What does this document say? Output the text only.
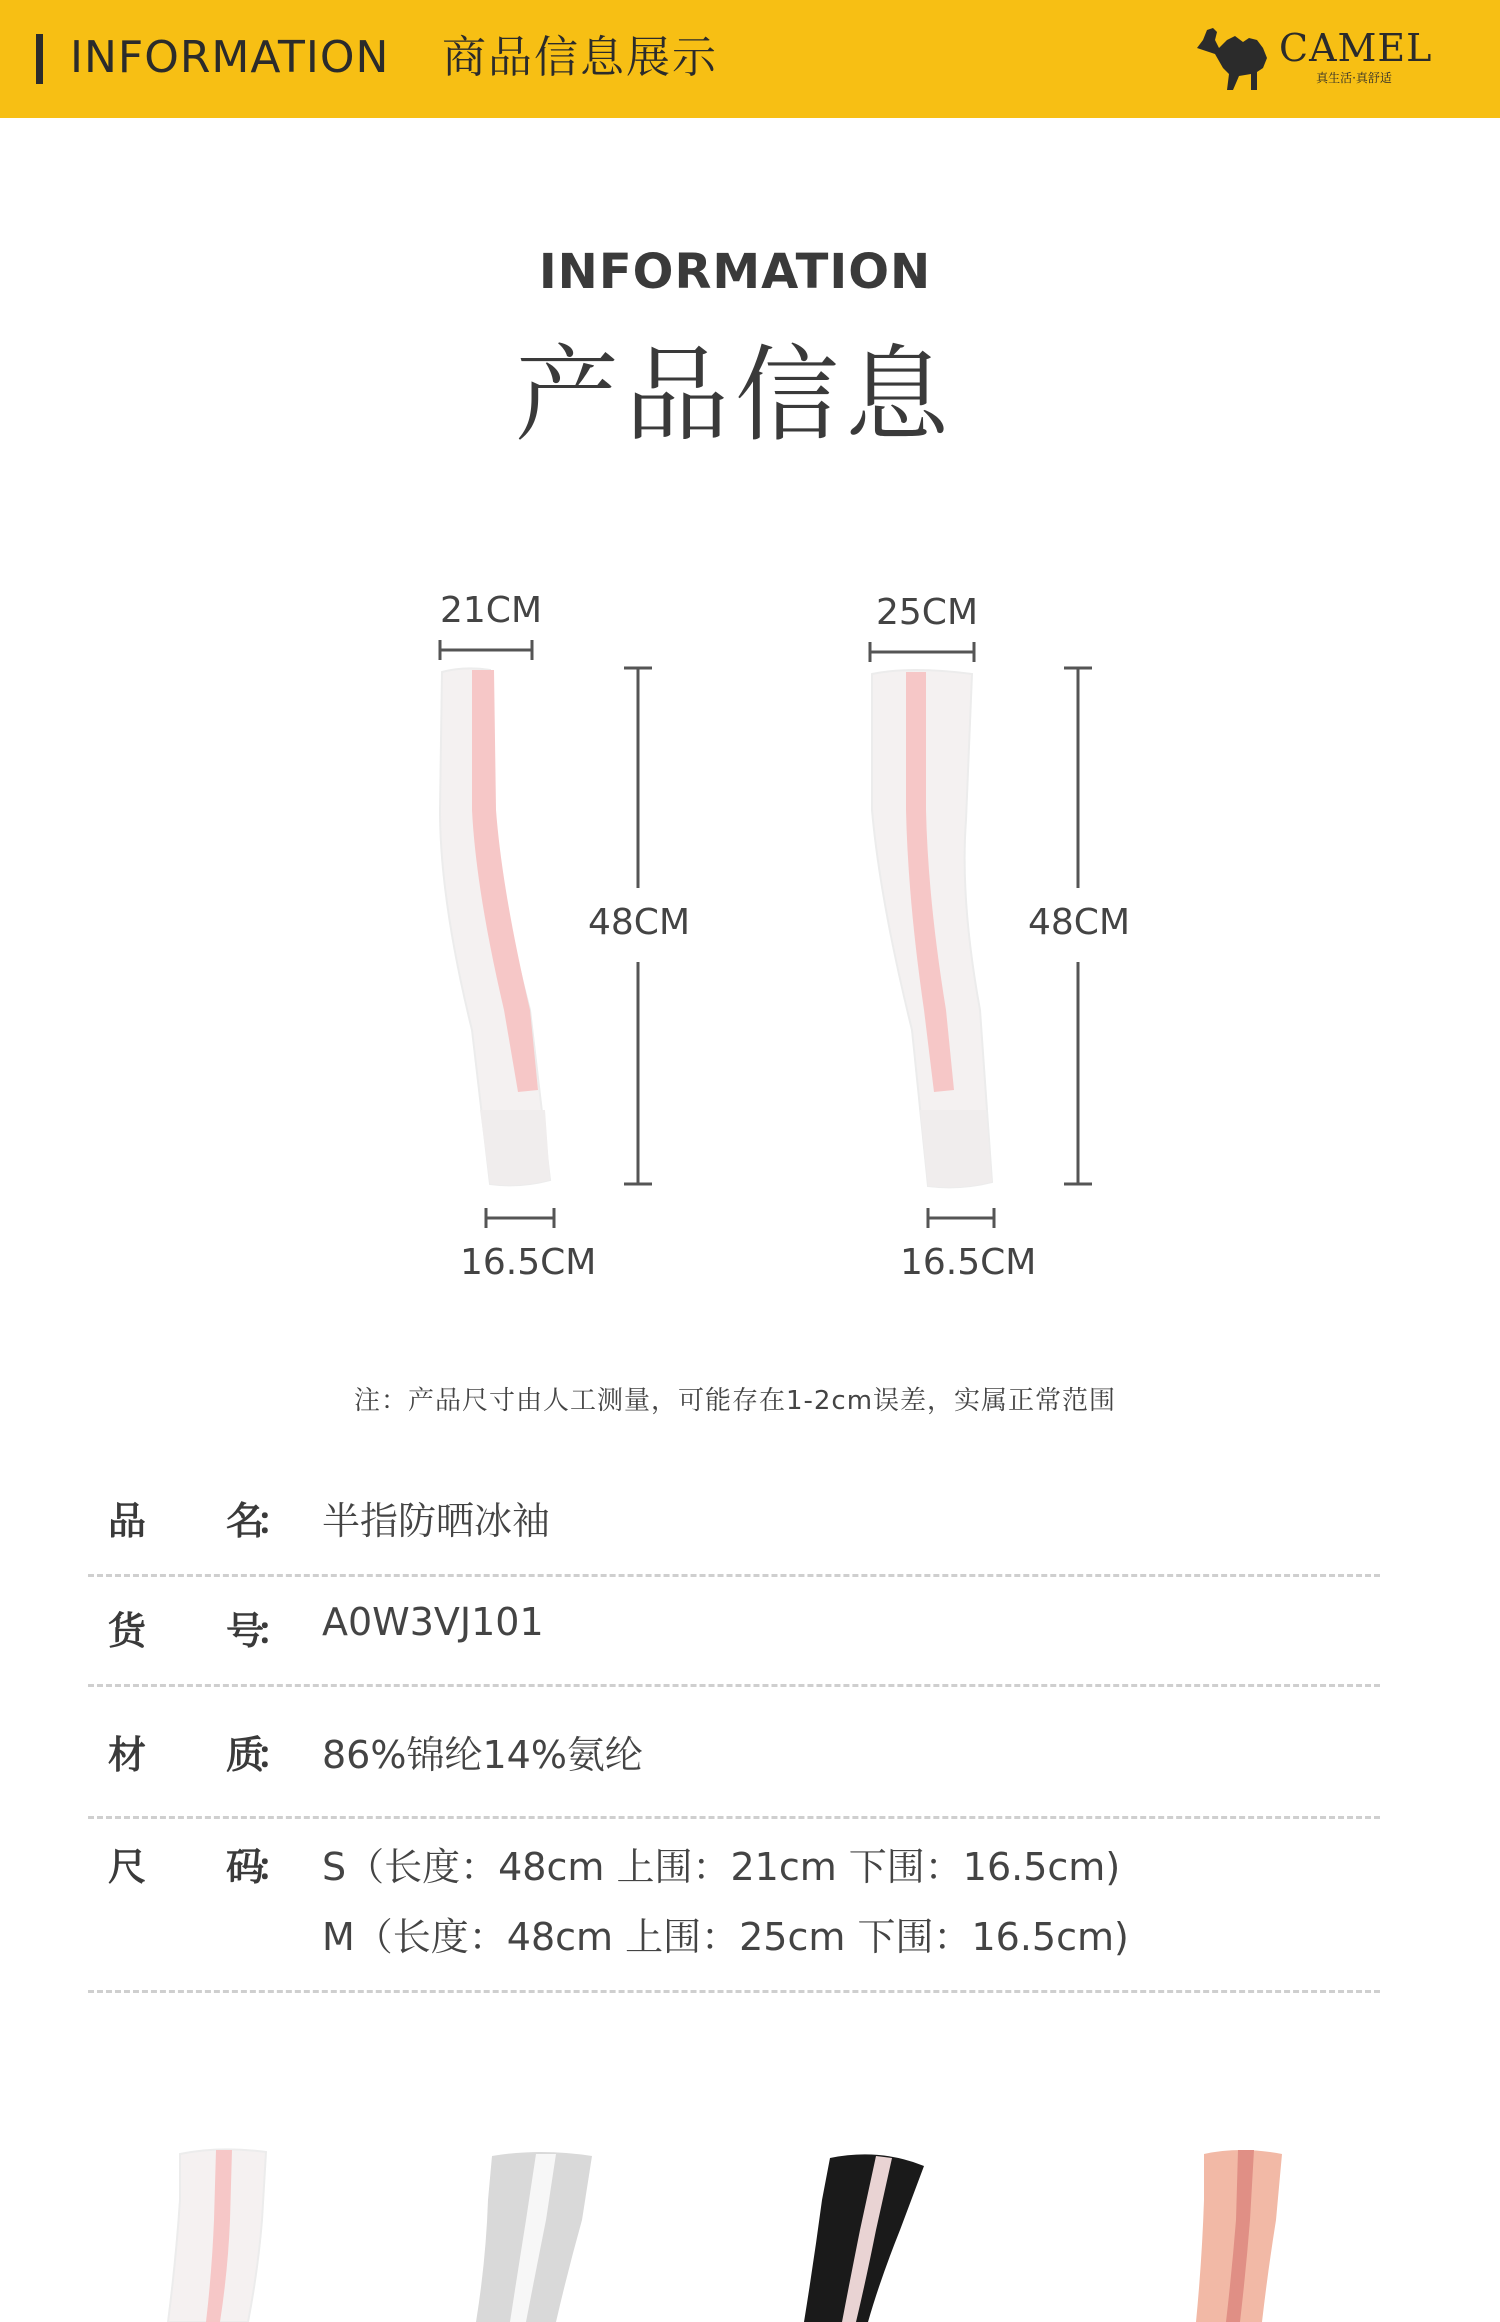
INFORMATION 商品信息展示	CAMEL
真生活·真舒适
INFORMATION
产品信息
21CM
48CM
16.5CM
25CM
48CM
16.5CM
注：产品尺寸由人工测量，可能存在1-2cm误差，实属正常范围
品 名
： 半指防晒冰袖
货 号
： A0W3VJ101
材 质
： 86%锦纶14%氨纶
尺 码
： S（长度：48cm 上围：21cm 下围：16.5cm)
M（长度：48cm 上围：25cm 下围：16.5cm)
